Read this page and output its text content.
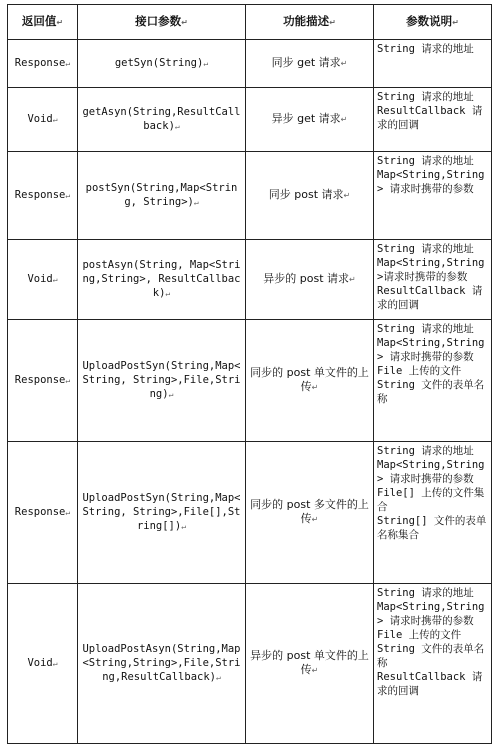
返回值↵	接口参数↵	功能描述↵	参数说明↵
Response↵	getSyn(String)↵	同步 get 请求↵	String 请求的地址

Void↵	getAsyn(String,ResultCallback)↵	异步 get 请求↵	String 请求的地址
ResultCallback 请求的回调

Response↵	postSyn(String,Map<String, String>)↵	同步 post 请求↵	String 请求的地址
Map<String,String> 请求时携带的参数

Void↵	postAsyn(String, Map<String,String>, ResultCallback)↵	异步的 post 请求↵	String 请求的地址
Map<String,String>请求时携带的参数
ResultCallback 请求的回调

Response↵	UploadPostSyn(String,Map<String, String>,File,String)↵	同步的 post 单文件的上传↵	String 请求的地址
Map<String,String> 请求时携带的参数
File 上传的文件
String 文件的表单名称

Response↵	UploadPostSyn(String,Map<String, String>,File[],String[])↵	同步的 post 多文件的上传↵	String 请求的地址
Map<String,String> 请求时携带的参数
File[] 上传的文件集合
String[] 文件的表单名称集合

Void↵	UploadPostAsyn(String,Map<String,String>,File,String,ResultCallback)↵	异步的 post 单文件的上传↵	String 请求的地址
Map<String,String> 请求时携带的参数
File 上传的文件
String 文件的表单名称
ResultCallback 请求的回调
